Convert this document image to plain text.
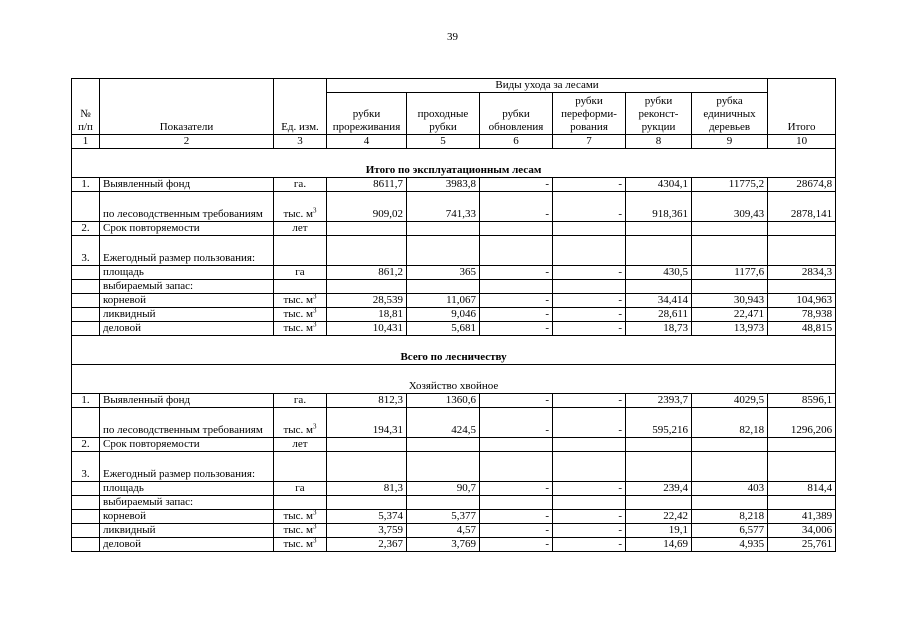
39
№ п/п	Показатели	Ед. изм.	Виды ухода за лесами						Итого
			рубки прореживания	проходные рубки	рубки обновления	рубки переформи-рования	рубки реконст-рукции	рубка единичных деревьев	
1	2	3	4	5	6	7	8	9	10
Итого по эксплуатационным лесам									
1.	Выявленный фонд	га.	8611,7	3983,8	-	-	4304,1	11775,2	28674,8
	по лесоводственным требованиям	тыс. $м^3$	909,02	741,33	-	-	918,361	309,43	2878,141
2.	Срок повторяемости	лет							
3.	Ежегодный размер пользования:								
	площадь	га	861,2	365	-	-	430,5	1177,6	2834,3
	выбираемый запас:								
	корневой	тыс. $м^3$	28,539	11,067	-	-	34,414	30,943	104,963
	ликвидный	тыс. $м^3$	18,81	9,046	-	-	28,611	22,471	78,938
	деловой	тыс. $м^3$	10,431	5,681	-	-	18,73	13,973	48,815
Всего по лесничеству									
Хозяйство хвойное									
1.	Выявленный фонд	га.	812,3	1360,6	-	-	2393,7	4029,5	8596,1
	по лесоводственным требованиям	тыс. $м^3$	194,31	424,5	-	-	595,216	82,18	1296,206
2.	Срок повторяемости	лет							
3.	Ежегодный размер пользования:								
	площадь	га	81,3	90,7	-	-	239,4	403	814,4
	выбираемый запас:								
	корневой	тыс. $м^3$	5,374	5,377	-	-	22,42	8,218	41,389
	ликвидный	тыс. $м^3$	3,759	4,57	-	-	19,1	6,577	34,006
	деловой	тыс. $м^3$	2,367	3,769	-	-	14,69	4,935	25,761
